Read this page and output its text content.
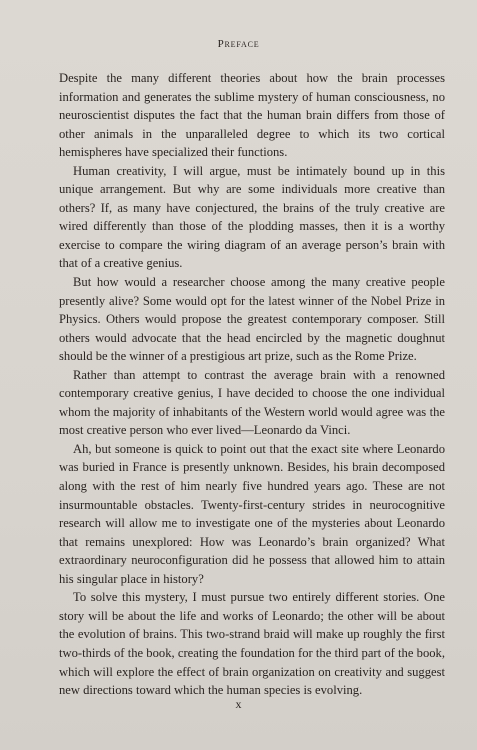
Preface

Despite the many different theories about how the brain processes information and generates the sublime mystery of human consciousness, no neuroscientist disputes the fact that the human brain differs from those of other animals in the unparalleled degree to which its two cortical hemispheres have specialized their functions.

Human creativity, I will argue, must be intimately bound up in this unique arrangement. But why are some individuals more creative than others? If, as many have conjectured, the brains of the truly creative are wired differently than those of the plodding masses, then it is a worthy exercise to compare the wiring diagram of an average person’s brain with that of a creative genius.

But how would a researcher choose among the many creative people presently alive? Some would opt for the latest winner of the Nobel Prize in Physics. Others would propose the greatest contemporary composer. Still others would advocate that the head encircled by the magnetic doughnut should be the winner of a prestigious art prize, such as the Rome Prize.

Rather than attempt to contrast the average brain with a renowned contemporary creative genius, I have decided to choose the one individual whom the majority of inhabitants of the Western world would agree was the most creative person who ever lived—Leonardo da Vinci.

Ah, but someone is quick to point out that the exact site where Leonardo was buried in France is presently unknown. Besides, his brain decomposed along with the rest of him nearly five hundred years ago. These are not insurmountable obstacles. Twenty-first-century strides in neurocognitive research will allow me to investigate one of the mysteries about Leonardo that remains unexplored: How was Leonardo’s brain organized? What extraordinary neuroconfiguration did he possess that allowed him to attain his singular place in history?

To solve this mystery, I must pursue two entirely different stories. One story will be about the life and works of Leonardo; the other will be about the evolution of brains. This two-strand braid will make up roughly the first two-thirds of the book, creating the foundation for the third part of the book, which will explore the effect of brain organization on creativity and suggest new directions toward which the human species is evolving.

x
